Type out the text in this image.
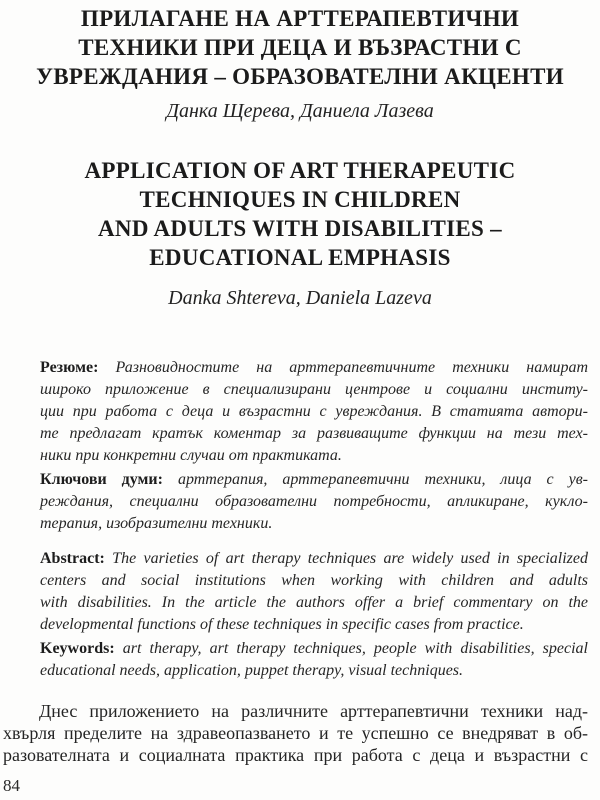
ПРИЛАГАНЕ НА АРТТЕРАПЕВТИЧНИ
ТЕХНИКИ ПРИ ДЕЦА И ВЪЗРАСТНИ С
УВРЕЖДАНИЯ – ОБРАЗОВАТЕЛНИ АКЦЕНТИ
Данка Щерева, Даниела Лазева
APPLICATION OF ART THERAPEUTIC
TECHNIQUES IN CHILDREN
AND ADULTS WITH DISABILITIES –
EDUCATIONAL EMPHASIS
Danka Shtereva, Daniela Lazeva
Резюме: Разновидностите на арттерапевтичните техники намират
широко приложение в специализирани центрове и социални институ-
ции при работа с деца и възрастни с увреждания. В статията автори-
те предлагат кратък коментар за развиващите функции на тези тех-
ники при конкретни случаи от практиката.
Ключови думи: арттерапия, арттерапевтични техники, лица с ув-
реждания, специални образователни потребности, апликиране, кукло-
терапия, изобразителни техники.
Abstract: The varieties of art therapy techniques are widely used in specialized
centers and social institutions when working with children and adults
with disabilities. In the article the authors offer a brief commentary on the
developmental functions of these techniques in specific cases from practice.
Keywords: art therapy, art therapy techniques, people with disabilities, special
educational needs, application, puppet therapy, visual techniques.
Днес приложението на различните арттерапевтични техники над-
хвърля пределите на здравеопазването и те успешно се внедряват в об-
разователната и социалната практика при работа с деца и възрастни с
84
